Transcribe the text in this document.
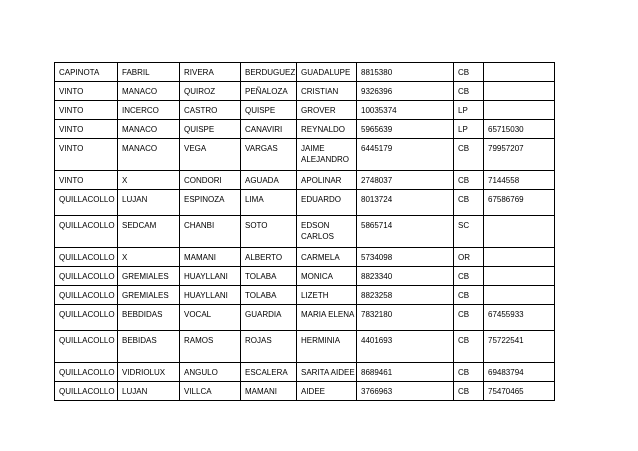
CAPINOTA	FABRIL	RIVERA	BERDUGUEZ	GUADALUPE	8815380	CB	
VINTO	MANACO	QUIROZ	PEÑALOZA	CRISTIAN	9326396	CB	
VINTO	INCERCO	CASTRO	QUISPE	GROVER	10035374	LP	
VINTO	MANACO	QUISPE	CANAVIRI	REYNALDO	5965639	LP	65715030
VINTO	MANACO	VEGA	VARGAS	JAIME ALEJANDRO	6445179	CB	79957207
VINTO	X	CONDORI	AGUADA	APOLINAR	2748037	CB	7144558
QUILLACOLLO	LUJAN	ESPINOZA	LIMA	EDUARDO	8013724	CB	67586769
QUILLACOLLO	SEDCAM	CHANBI	SOTO	EDSON CARLOS	5865714	SC	
QUILLACOLLO	X	MAMANI	ALBERTO	CARMELA	5734098	OR	
QUILLACOLLO	GREMIALES	HUAYLLANI	TOLABA	MONICA	8823340	CB	
QUILLACOLLO	GREMIALES	HUAYLLANI	TOLABA	LIZETH	8823258	CB	
QUILLACOLLO	BEBDIDAS	VOCAL	GUARDIA	MARIA ELENA	7832180	CB	67455933
QUILLACOLLO	BEBIDAS	RAMOS	ROJAS	HERMINIA	4401693	CB	75722541
QUILLACOLLO	VIDRIOLUX	ANGULO	ESCALERA	SARITA AIDEE	8689461	CB	69483794
QUILLACOLLO	LUJAN	VILLCA	MAMANI	AIDEE	3766963	CB	75470465
